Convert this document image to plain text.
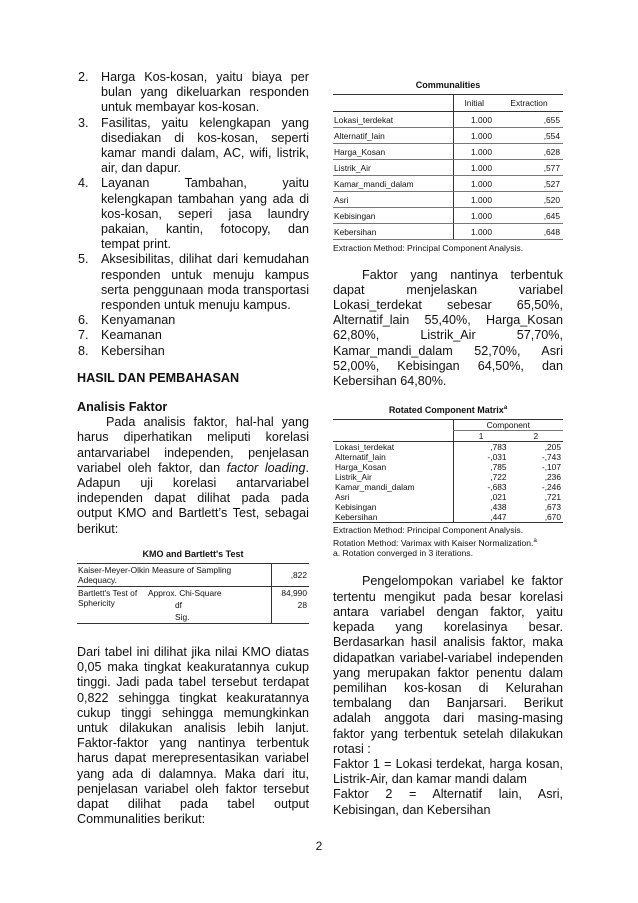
2. Harga Kos-kosan, yaitu biaya per bulan yang dikeluarkan responden untuk membayar kos-kosan.
3. Fasilitas, yaitu kelengkapan yang disediakan di kos-kosan, seperti kamar mandi dalam, AC, wifi, listrik, air, dan dapur.
4. Layanan Tambahan, yaitu kelengkapan tambahan yang ada di kos-kosan, seperi jasa laundry pakaian, kantin, fotocopy, dan tempat print.
5. Aksesibilitas, dilihat dari kemudahan responden untuk menuju kampus serta penggunaan moda transportasi responden untuk menuju kampus.
6. Kenyamanan
7. Keamanan
8. Kebersihan
HASIL DAN PEMBAHASAN
Analisis Faktor

Pada analisis faktor, hal-hal yang harus diperhatikan meliputi korelasi antarvariabel independen, penjelasan variabel oleh faktor, dan factor loading. Adapun uji korelasi antarvariabel independen dapat dilihat pada pada output KMO and Bartlett’s Test, sebagai berikut:

KMO and Bartlett's Test
Kaiser-Meyer-Olkin Measure of Sampling Adequacy.		,822
Bartlett's Test of Sphericity	Approx. Chi-Square	84,990
	df	28
	Sig.	

Dari tabel ini dilihat jika nilai KMO diatas 0,05 maka tingkat keakuratannya cukup tinggi. Jadi pada tabel tersebut terdapat 0,822 sehingga tingkat keakuratannya cukup tinggi sehingga memungkinkan untuk dilakukan analisis lebih lanjut. Faktor-faktor yang nantinya terbentuk harus dapat merepresentasikan variabel yang ada di dalamnya. Maka dari itu, penjelasan variabel oleh faktor tersebut dapat dilihat pada tabel output Communalities berikut:

Communalities
	Initial	Extraction
Lokasi_terdekat	1.000	,655
Alternatif_lain	1.000	,554
Harga_Kosan	1.000	,628
Listrik_Air	1.000	,577
Kamar_mandi_dalam	1.000	,527
Asri	1.000	,520
Kebisingan	1.000	,645
Kebersihan	1.000	,648
Extraction Method: Principal Component Analysis.

Faktor yang nantinya terbentuk dapat menjelaskan variabel Lokasi_terdekat sebesar 65,50%, Alternatif_lain 55,40%, Harga_Kosan 62,80%, Listrik_Air 57,70%, Kamar_mandi_dalam 52,70%, Asri 52,00%, Kebisingan 64,50%, dan Kebersihan 64,80%.

Rotated Component Matrix$^a$
	Component	
	1	2
Lokasi_terdekat	,783	,205
Alternatif_lain	-,031	-,743
Harga_Kosan	,785	-,107
Listrik_Air	,722	,236
Kamar_mandi_dalam	-,683	-,246
Asri	,021	,721
Kebisingan	,438	,673
Kebersihan	,447	,670
Extraction Method: Principal Component Analysis.
Rotation Method: Varimax with Kaiser Normalization.$^a$
a. Rotation converged in 3 iterations.

Pengelompokan variabel ke faktor tertentu mengikut pada besar korelasi antara variabel dengan faktor, yaitu kepada yang korelasinya besar. Berdasarkan hasil analisis faktor, maka didapatkan variabel-variabel independen yang merupakan faktor penentu dalam pemilihan kos-kosan di Kelurahan tembalang dan Banjarsari. Berikut adalah anggota dari masing-masing faktor yang terbentuk setelah dilakukan rotasi :

Faktor 1 = Lokasi terdekat, harga kosan, Listrik-Air, dan kamar mandi dalam

Faktor 2 = Alternatif lain, Asri, Kebisingan, dan Kebersihan

2
